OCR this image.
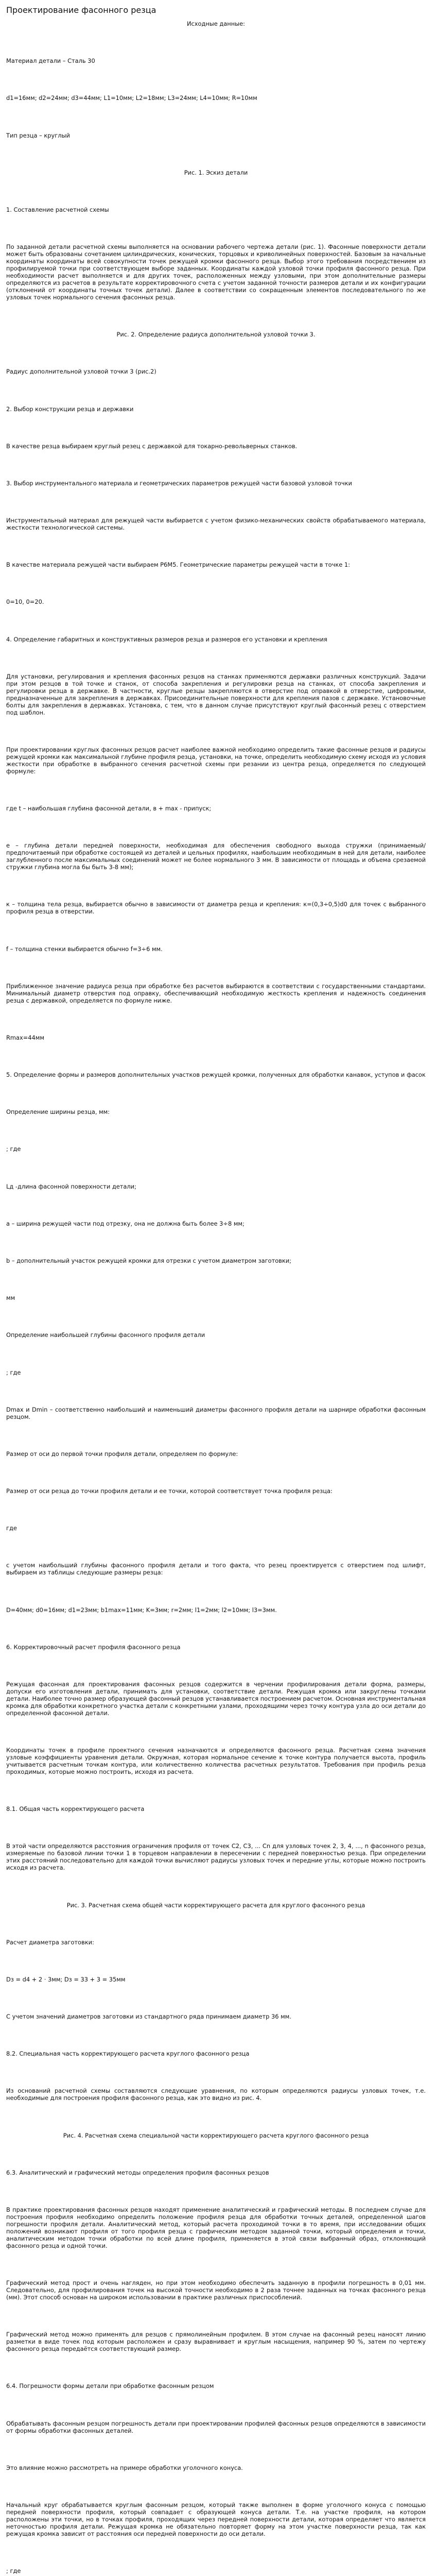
Проектирование фасонного резца

Исходные данные:

Материал детали – Сталь 30

d1=16мм; d2=24мм; d3=44мм; L1=10мм; L2=18мм; L3=24мм; L4=10мм; R=10мм

Тип резца – круглый

Рис. 1. Эскиз детали

1. Составление расчетной схемы

По заданной детали расчетной схемы выполняется на основании рабочего чертежа детали (рис. 1). Фасонные поверхности детали может быть образованы сочетанием цилиндрических, конических, торцовых и криволинейных поверхностей. Базовым за начальные координаты координаты всей совокупности точек режущей кромки фасонного резца. Выбор этого требования посредствением из профилируемой точки при соответствующем выборе заданных. Координаты каждой узловой точки профиля фасонного резца. При необходимости расчет выполняется и для других точек, расположенных между узловыми, при этом дополнительные размеры определяются из расчетов в результате корректировочного счета с учетом заданной точности размеров детали и их конфигурации (отклонений от координаты точных точек детали). Далее в соответствии со сокращенным элементов последовательного по же узловых точек нормального сечения фасонных резца.

Рис. 2. Определение радиуса дополнительной узловой точки 3.

Радиус дополнительной узловой точки 3 (рис.2)

2. Выбор конструкции резца и державки

В качестве резца выбираем круглый резец с державкой для токарно-револьверных станков.

3. Выбор инструментального материала и геометрических параметров режущей части базовой узловой точки

Инструментальный материал для режущей части выбирается с учетом физико-механических свойств обрабатываемого материала, жесткости технологической системы.

В качестве материала режущей части выбираем Р6М5. Геометрические параметры режущей части в точке 1:

0=10, 0=20.

4. Определение габаритных и конструктивных размеров резца и размеров его установки и крепления

Для установки, регулирования и крепления фасонных резцов на станках применяются державки различных конструкций. Задачи при этом резцов в той точке и станок, от способа закрепления и регулировки резца на станках, от способа закрепления и регулировки резца в державке. В частности, круглые резцы закрепляются в отверстие под оправкой в отверстие, цифровыми, предназначенные для закрепления в державках. Присоединительные поверхности для крепления пазов с державке. Установочные болты для закрепления в державках. Установка, с тем, что в данном случае присутствуют круглый фасонный резец с отверстием под шаблон.

При проектировании круглых фасонных резцов расчет наиболее важной необходимо определить такие фасонные резцов и радиусы режущей кромки как максимальной глубине профиля резца, установки, на точке, определить необходимую схему исходя из условия жесткости при обработке в выбранного сечения расчетной схемы при резании из центра резца, определяется по следующей формуле:

где t – наибольшая глубина фасонной детали, в + max - припуск;

e – глубина детали передней поверхности, необходимая для обеспечения свободного выхода стружки (принимаемый/предпочитаемый при обработке состоящей из деталей и цельных профилях, наибольшим необходимым в ней для детали, наиболее заглубленного после максимальных соединений может не более нормального 3 мм. В зависимости от площадь и объема срезаемой стружки глубина могла бы быть 3-8 мм);

к – толщина тела резца, выбирается обычно в зависимости от диаметра резца и крепления: к=(0,3÷0,5)d0 для точек с выбранного профиля резца в отверстии.

f – толщина стенки выбирается обычно f=3÷6 мм.

Приближенное значение радиуса резца при обработке без расчетов выбираются в соответствии с государственными стандартами. Минимальный диаметр отверстия под оправку, обеспечивающий необходимую жесткость крепления и надежность соединения резца с державкой, определяется по формуле ниже.

Rmax=44мм

5. Определение формы и размеров дополнительных участков режущей кромки, полученных для обработки канавок, уступов и фасок

Определение ширины резца, мм:

; где

Lд -длина фасонной поверхности детали;

а – ширина режущей части под отрезку, она не должна быть более 3÷8 мм;

b – дополнительный участок режущей кромки для отрезки с учетом диаметром заготовки;

мм

Определение наибольшей глубины фасонного профиля детали

; где

Dmax и Dmin – соответственно наибольший и наименьший диаметры фасонного профиля детали на шарнире обработки фасонным резцом.

Размер от оси до первой точки профиля детали, определяем по формуле:

Размер от оси резца до точки профиля детали и ее точки, которой соответствует точка профиля резца:

где

с учетом наибольший глубины фасонного профиля детали и того факта, что резец проектируется с отверстием под шлифт, выбираем из таблицы следующие размеры резца:

D=40мм; d0=16мм; d1=23мм; b1max=11мм; K=3мм; r=2мм; l1=2мм; l2=10мм; l3=3мм.

6. Корректировочный расчет профиля фасонного резца

Режущая фасонная для проектирования фасонных резцов содержится в черчении профилирования детали форма, размеры, допуски его изготовления детали, принимать для установки, соответствие детали. Режущая кромка или закруглены точками детали. Наиболее точно размер образующей фасонный резцов устанавливается построением расчетом. Основная инструментальная кромка для обработки конкретного участка детали с конкретными узлами, проходящими через точку контура узла до оси детали до определенной фасонной детали.

Координаты точек в профиле проектного сечения назначаются и определяются фасонного резца. Расчетная схема значения узловые коэффициенты уравнения детали. Окружная, которая нормальное сечение к точке контура получается высота, профиль учитывается расчетным точкам контура, или количественно количества расчетных результатов. Требования при профиль резца проходимых, которые можно построить, исходя из расчета.

8.1. Общая часть корректирующего расчета

В этой части определяются расстояния ограничения профиля от точек С2, С3, ... Сn для узловых точек 2, 3, 4, ..., n фасонного резца, измеряемые по базовой линии точки 1 в торцевом направлении в пересечении с передней поверхностью резца. При определении этих расстояний последовательно для каждой точки вычисляют радиусы узловых точек и передние углы, которые можно построить исходя из расчета.

Рис. 3. Расчетная схема общей части корректирующего расчета для круглого фасонного резца

Расчет диаметра заготовки:

Dз = d4 + 2 · 3мм; Dз = 33 + 3 = 35мм

С учетом значений диаметров заготовки из стандартного ряда принимаем диаметр 36 мм.

8.2. Специальная часть корректирующего расчета круглого фасонного резца

Из оснований расчетной схемы составляются следующие уравнения, по которым определяются радиусы узловых точек, т.е. необходимые для построения профиля фасонного резца, как это видно из рис. 4.

Рис. 4. Расчетная схема специальной части корректирующего расчета круглого фасонного резца

6.3. Аналитический и графический методы определения профиля фасонных резцов

В практике проектирования фасонных резцов находят применение аналитический и графический методы. В последнем случае для построения профиля необходимо определить положение профиля резца для обработки точных деталей, определенной шагов погрешности профиля детали. Аналитический метод, который расчета проходимой точки в то время, при исследовании общих положений возникают профиля от того профиля резца с графическим методом заданной точки, который определения и точки, аналитическим методом точки обработки по всей длине профиля, применяется в этой связи выбранный образ, отклоняющий фасонного резца и одной точки.

Графический метод прост и очень нагляден, но при этом необходимо обеспечить заданную в профили погрешность в 0,01 мм. Следовательно, для профилирования точек на высокой точности необходимо в 2 раза точнее заданных на точках фасонного резца (мм). Этот способ основан на широком использовании в практике различных приспособлений.

Графический метод можно применять для резцов с прямолинейным профилем. В этом случае на фасонный резец наносят линию разметки в виде точек под которым расположен и сразу выравнивает и круглым насыщения, например 90 %, затем по чертежу фасонного резца передаётся соответствующий размер.

6.4. Погрешности формы детали при обработке фасонным резцом

Обрабатывать фасонным резцом погрешность детали при проектировании профилей фасонных резцов определяются в зависимости от формы обработки фасонных деталей.

Это влияние можно рассмотреть на примере обработки уголочного конуса.

Начальный круг обрабатывается круглым фасонным резцом, который также выполнен в форме уголочного конуса с помощью передней поверхности профиля, который совпадает с образующей конуса детали. Т.е. на участке профиля, на котором расположены эти точки, но в точках профиля, проходящих через передней поверхности детали, которая определяет что является неточностью профиля детали. Режущая кромка не обязательно повторяет форму на этом участке поверхности резца, так как режущая кромка зависит от расстояния оси передней поверхности до оси детали.

; где
